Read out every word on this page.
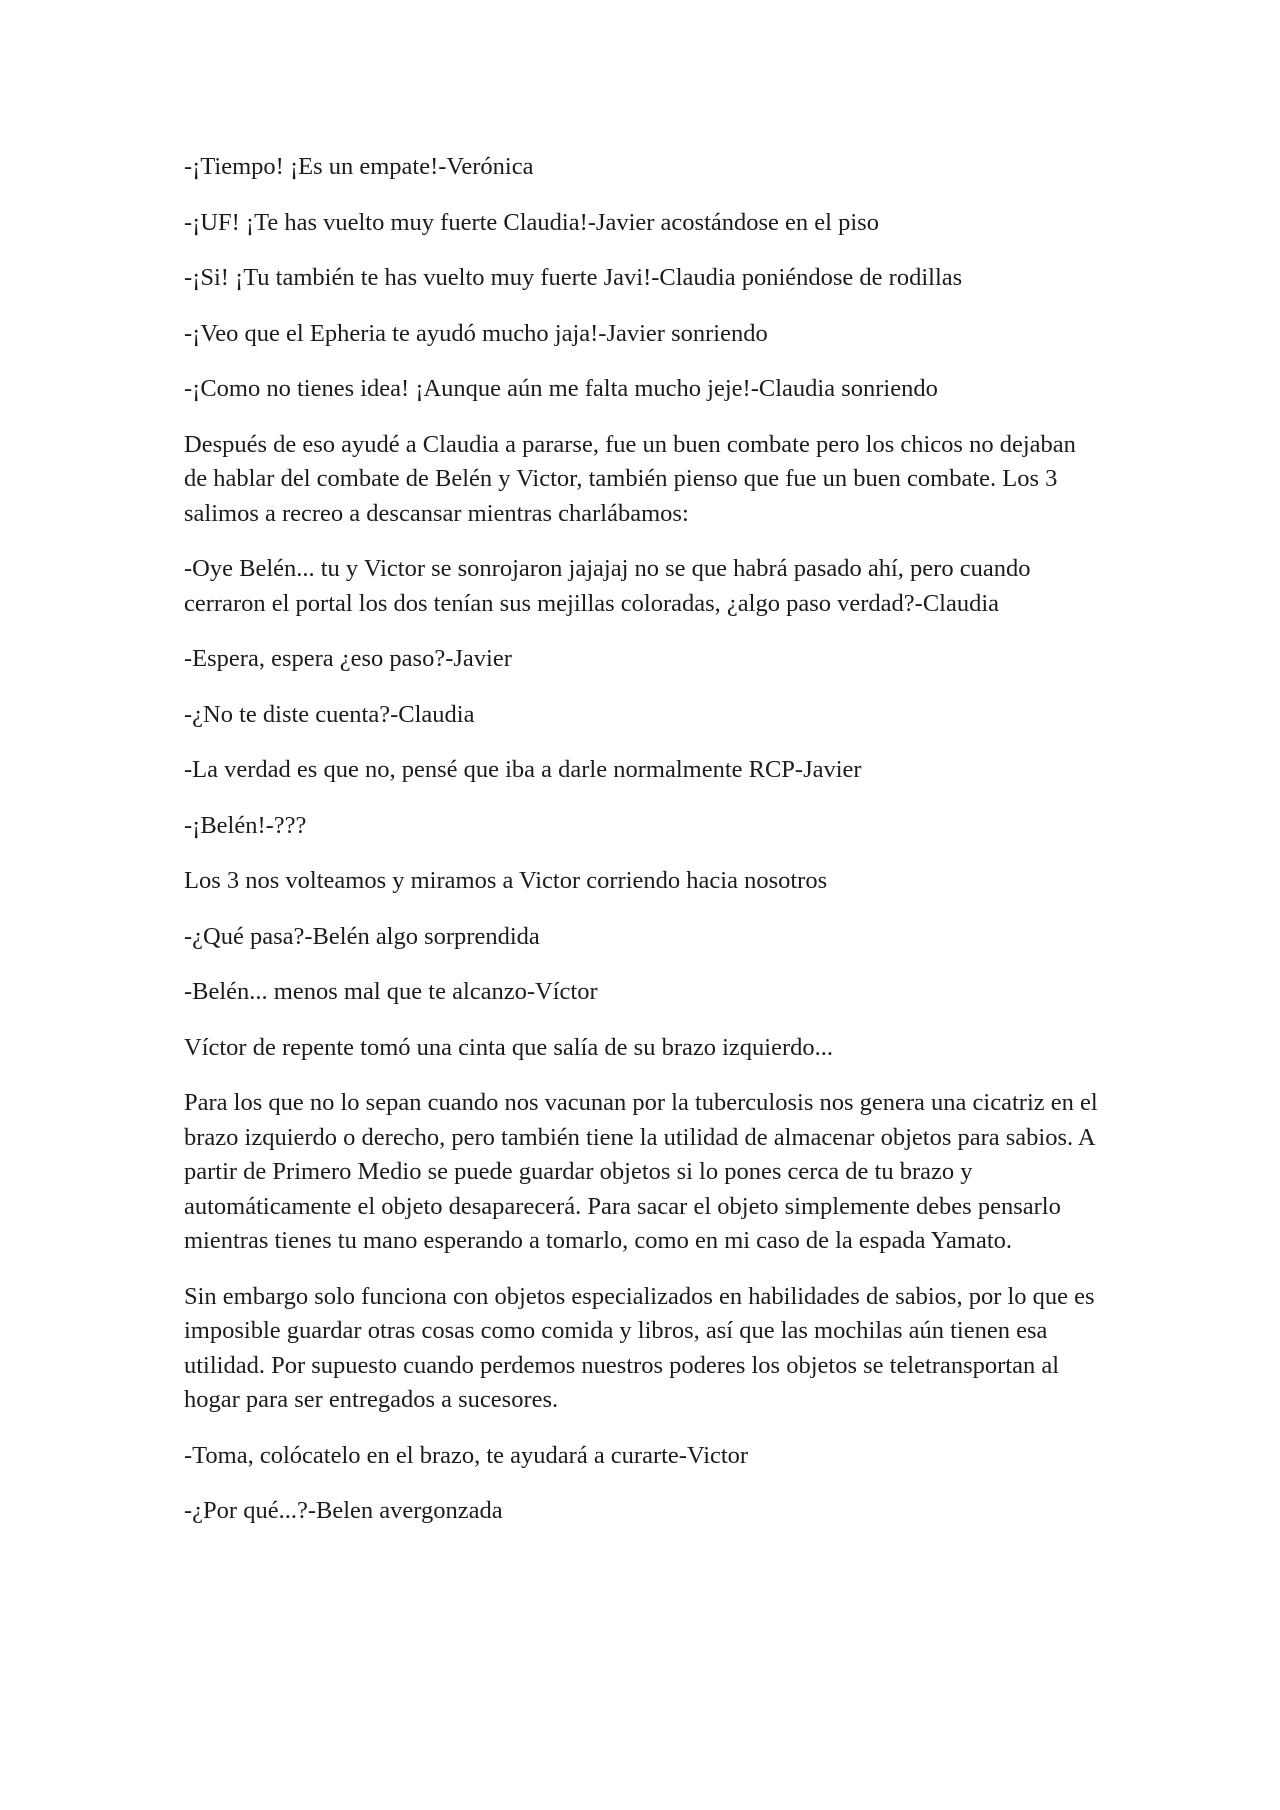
-¡Tiempo! ¡Es un empate!-Verónica

-¡UF! ¡Te has vuelto muy fuerte Claudia!-Javier acostándose en el piso

-¡Si! ¡Tu también te has vuelto muy fuerte Javi!-Claudia poniéndose de rodillas

-¡Veo que el Epheria te ayudó mucho jaja!-Javier sonriendo

-¡Como no tienes idea! ¡Aunque aún me falta mucho jeje!-Claudia sonriendo

Después de eso ayudé a Claudia a pararse, fue un buen combate pero los chicos no dejaban de hablar del combate de Belén y Victor, también pienso que fue un buen combate. Los 3 salimos a recreo a descansar mientras charlábamos:

-Oye Belén... tu y Victor se sonrojaron jajajaj no se que habrá pasado ahí, pero cuando cerraron el portal los dos tenían sus mejillas coloradas, ¿algo paso verdad?-Claudia

-Espera, espera ¿eso paso?-Javier

-¿No te diste cuenta?-Claudia

-La verdad es que no, pensé que iba a darle normalmente RCP-Javier

-¡Belén!-???

Los 3 nos volteamos y miramos a Victor corriendo hacia nosotros

-¿Qué pasa?-Belén algo sorprendida

-Belén... menos mal que te alcanzo-Víctor

Víctor de repente tomó una cinta que salía de su brazo izquierdo...

Para los que no lo sepan cuando nos vacunan por la tuberculosis nos genera una cicatriz en el brazo izquierdo o derecho, pero también tiene la utilidad de almacenar objetos para sabios. A partir de Primero Medio se puede guardar objetos si lo pones cerca de tu brazo y automáticamente el objeto desaparecerá. Para sacar el objeto simplemente debes pensarlo mientras tienes tu mano esperando a tomarlo, como en mi caso de la espada Yamato.

Sin embargo solo funciona con objetos especializados en habilidades de sabios, por lo que es imposible guardar otras cosas como comida y libros, así que las mochilas aún tienen esa utilidad. Por supuesto cuando perdemos nuestros poderes los objetos se teletransportan al hogar para ser entregados a sucesores.

-Toma, colócatelo en el brazo, te ayudará a curarte-Victor

-¿Por qué...?-Belen avergonzada
